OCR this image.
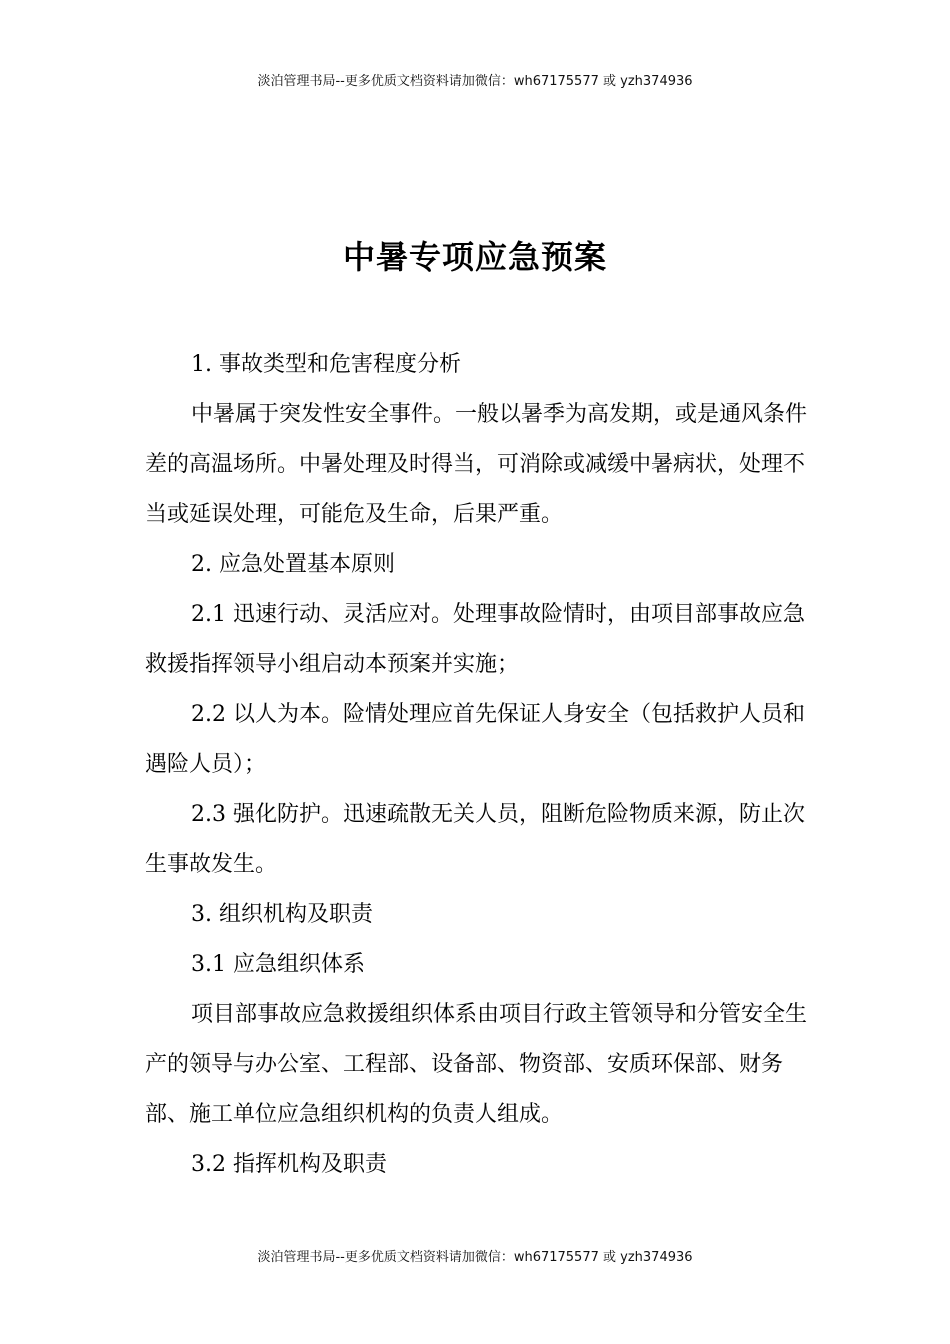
淡泊管理书局--更多优质文档资料请加微信：wh67175577 或 yzh374936
中暑专项应急预案

1. 事故类型和危害程度分析

中暑属于突发性安全事件。一般以暑季为高发期，或是通风条件差的高温场所。中暑处理及时得当，可消除或减缓中暑病状，处理不当或延误处理，可能危及生命，后果严重。

2. 应急处置基本原则

2.1 迅速行动、灵活应对。处理事故险情时，由项目部事故应急救援指挥领导小组启动本预案并实施；

2.2 以人为本。险情处理应首先保证人身安全（包括救护人员和遇险人员）；

2.3 强化防护。迅速疏散无关人员，阻断危险物质来源，防止次生事故发生。

3. 组织机构及职责

3.1 应急组织体系

项目部事故应急救援组织体系由项目行政主管领导和分管安全生产的领导与办公室、工程部、设备部、物资部、安质环保部、财务部、施工单位应急组织机构的负责人组成。

3.2 指挥机构及职责

淡泊管理书局--更多优质文档资料请加微信：wh67175577 或 yzh374936
